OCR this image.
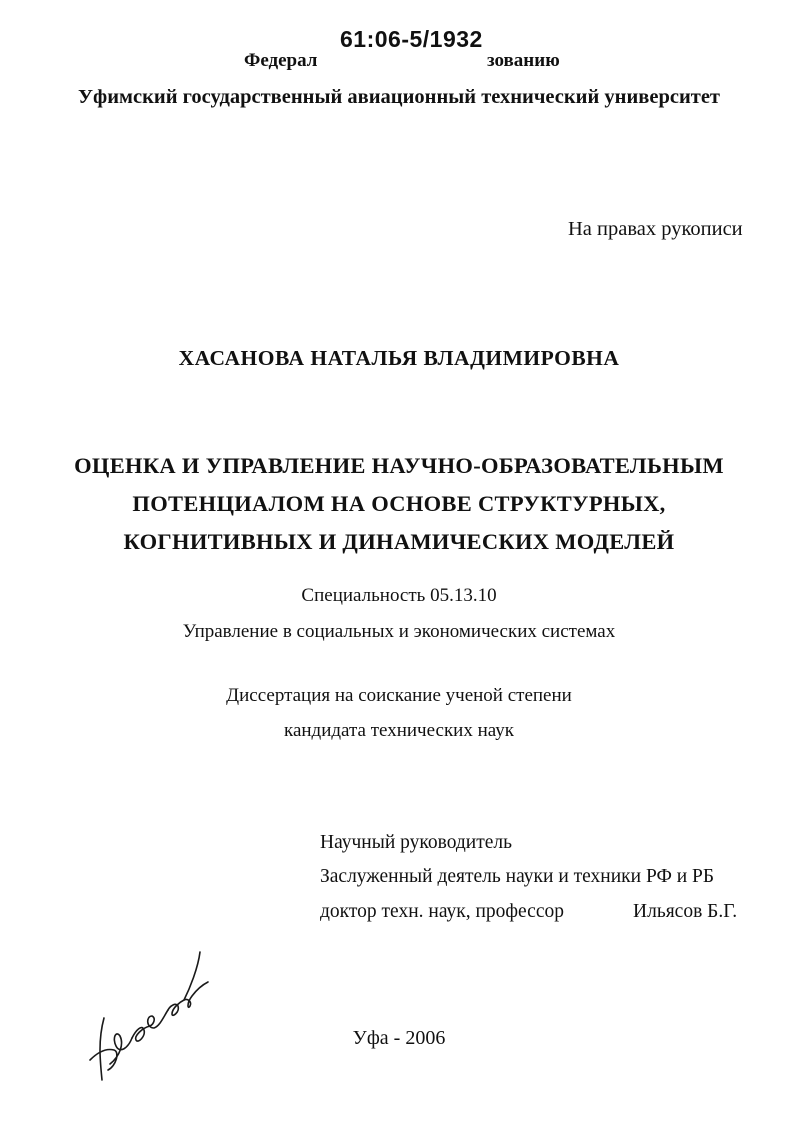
61:06-5/1932
Федерал	зованию
Уфимский государственный авиационный технический университет
На правах рукописи
ХАСАНОВА НАТАЛЬЯ ВЛАДИМИРОВНА
ОЦЕНКА И УПРАВЛЕНИЕ НАУЧНО-ОБРАЗОВАТЕЛЬНЫМ
ПОТЕНЦИАЛОМ НА ОСНОВЕ СТРУКТУРНЫХ,
КОГНИТИВНЫХ И ДИНАМИЧЕСКИХ МОДЕЛЕЙ
Специальность 05.13.10
Управление в социальных и экономических системах
Диссертация на соискание ученой степени
кандидата технических наук
Научный руководитель
Заслуженный деятель науки и техники РФ и РБ
доктор техн. наук, профессор	Ильясов Б.Г.
Уфа - 2006
